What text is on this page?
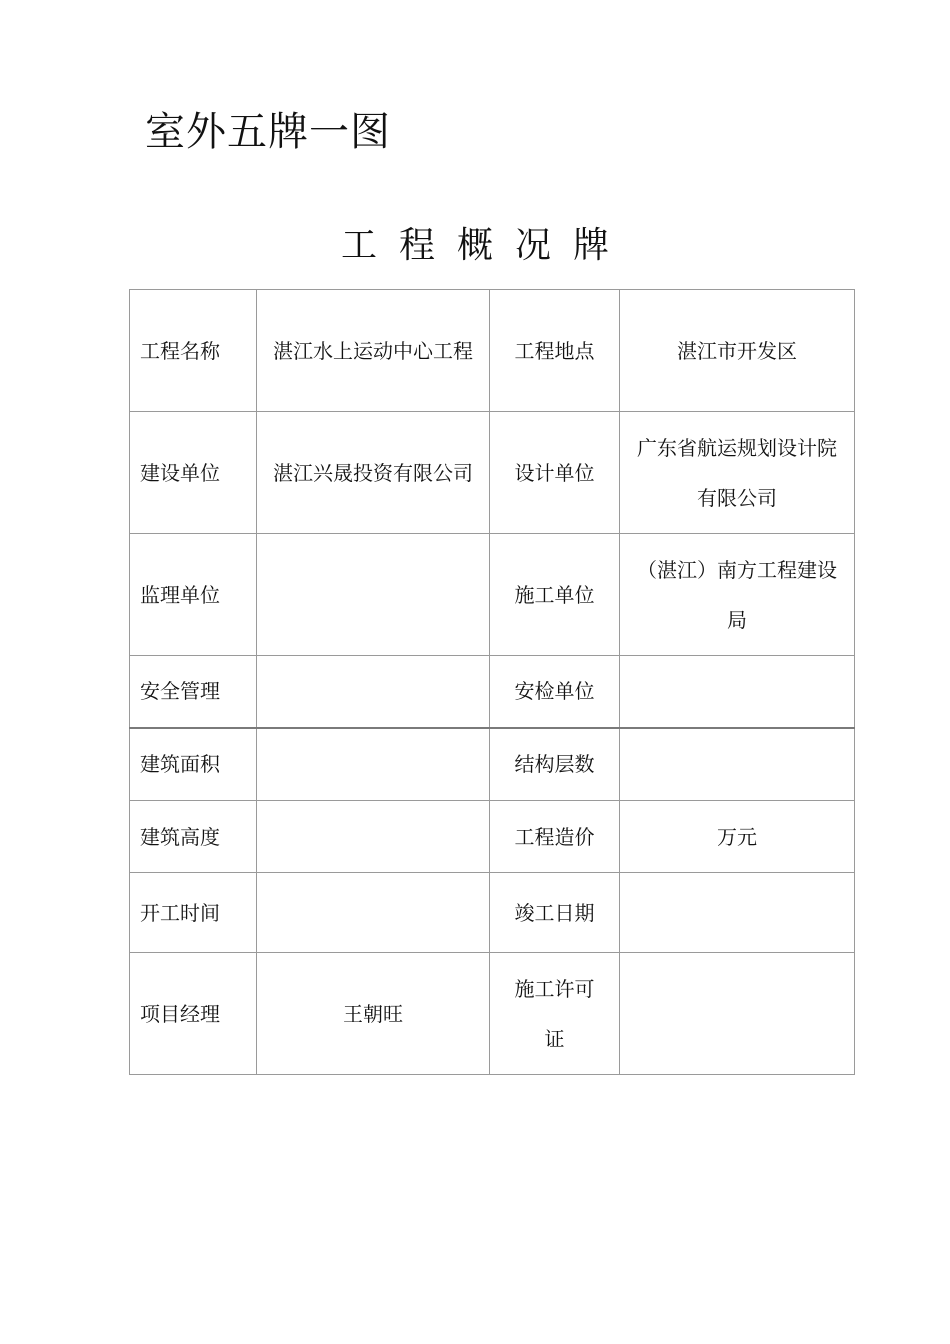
室外五牌一图
工程概况牌
工程名称	湛江水上运动中心工程	工程地点	湛江市开发区
建设单位	湛江兴晟投资有限公司	设计单位	广东省航运规划设计院有限公司
监理单位		施工单位	（湛江）南方工程建设局
安全管理		安检单位	
建筑面积		结构层数	
建筑高度		工程造价	万元
开工时间		竣工日期	
项目经理	王朝旺	施工许可证	
